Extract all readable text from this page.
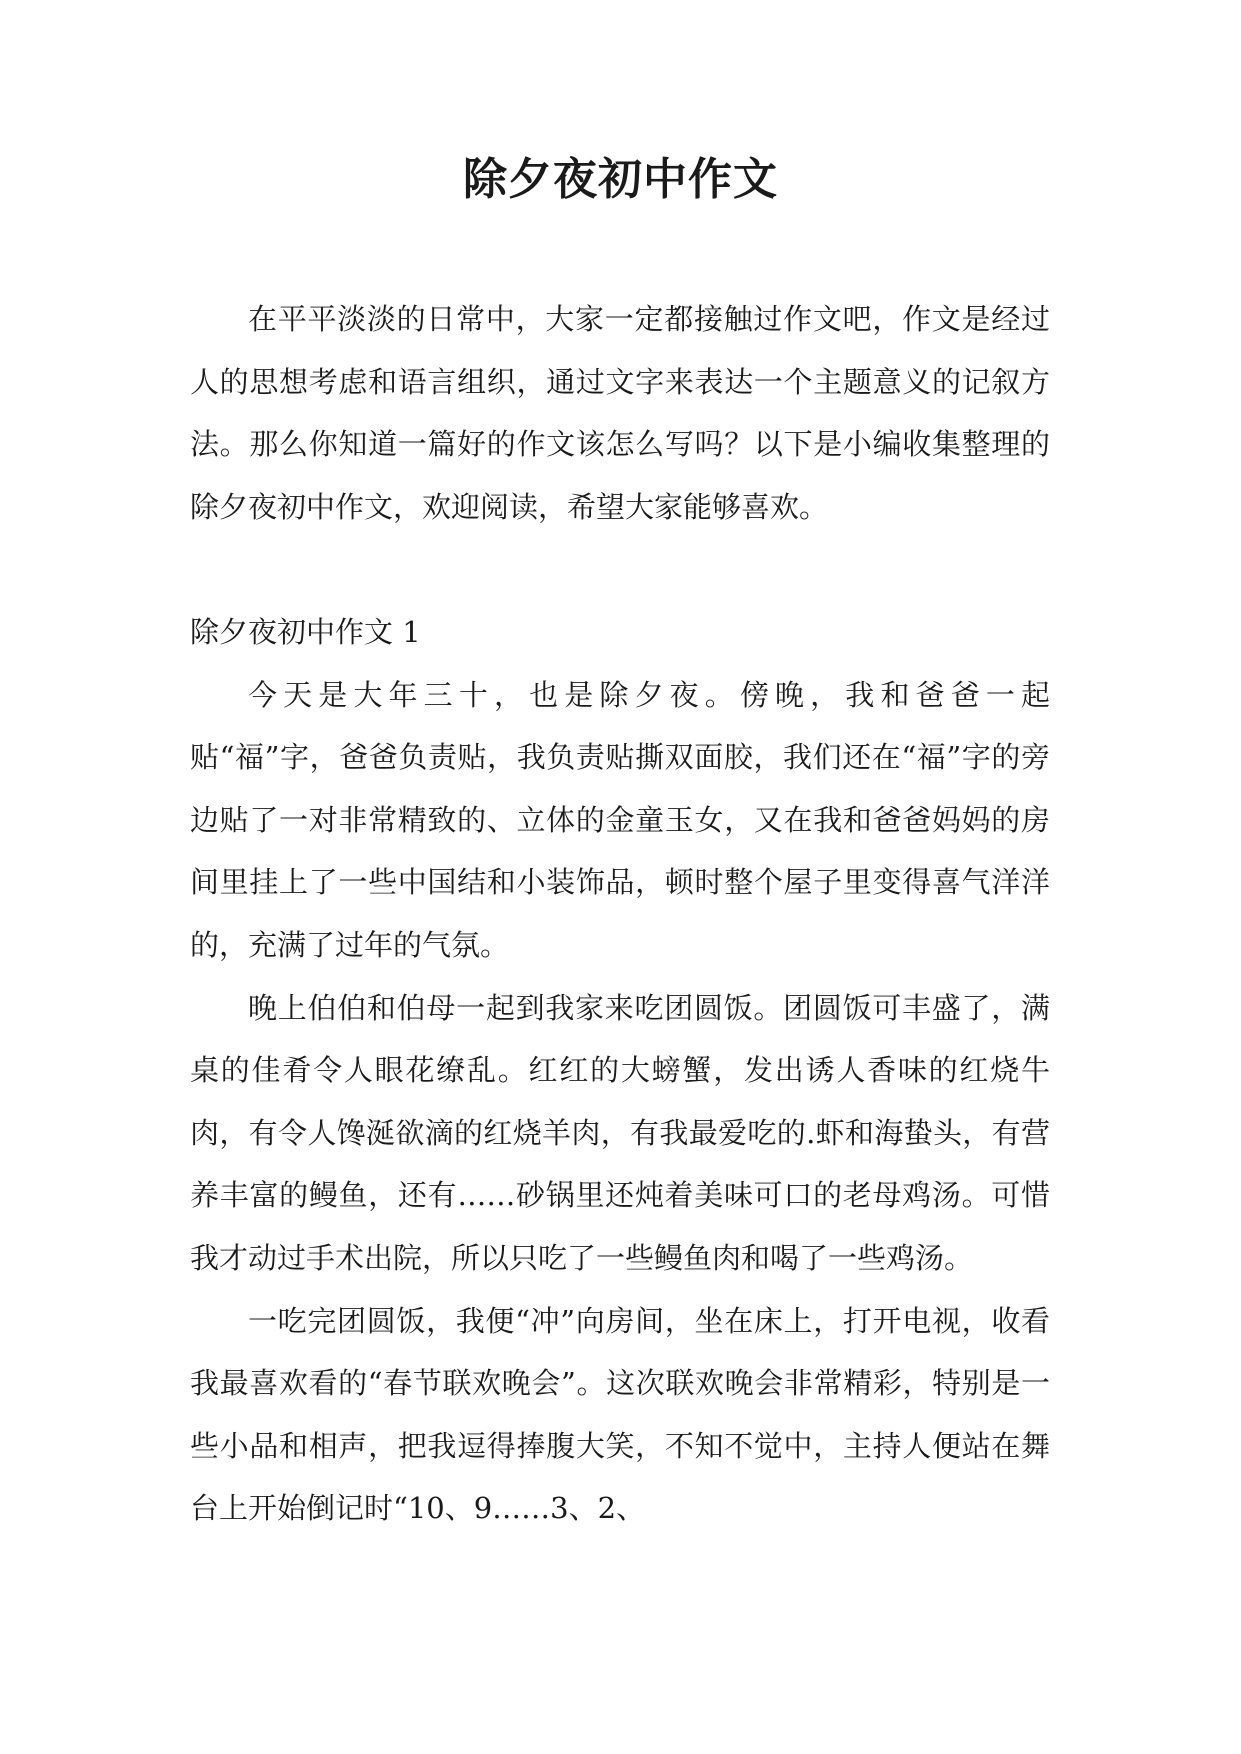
除夕夜初中作文

在平平淡淡的日常中，大家一定都接触过作文吧，作文是经过人的思想考虑和语言组织，通过文字来表达一个主题意义的记叙方法。那么你知道一篇好的作文该怎么写吗？以下是小编收集整理的除夕夜初中作文，欢迎阅读，希望大家能够喜欢。

除夕夜初中作文 1

今天是大年三十，也是除夕夜。傍晚，我和爸爸一起贴“福”字，爸爸负责贴，我负责贴撕双面胶，我们还在“福”字的旁边贴了一对非常精致的、立体的金童玉女，又在我和爸爸妈妈的房间里挂上了一些中国结和小装饰品，顿时整个屋子里变得喜气洋洋的，充满了过年的气氛。

晚上伯伯和伯母一起到我家来吃团圆饭。团圆饭可丰盛了，满桌的佳肴令人眼花缭乱。红红的大螃蟹，发出诱人香味的红烧牛肉，有令人馋涎欲滴的红烧羊肉，有我最爱吃的.虾和海蛰头，有营养丰富的鳗鱼，还有……砂锅里还炖着美味可口的老母鸡汤。可惜我才动过手术出院，所以只吃了一些鳗鱼肉和喝了一些鸡汤。

一吃完团圆饭，我便“冲”向房间，坐在床上，打开电视，收看我最喜欢看的“春节联欢晚会”。这次联欢晚会非常精彩，特别是一些小品和相声，把我逗得捧腹大笑，不知不觉中，主持人便站在舞台上开始倒记时“10、9……3、2、
